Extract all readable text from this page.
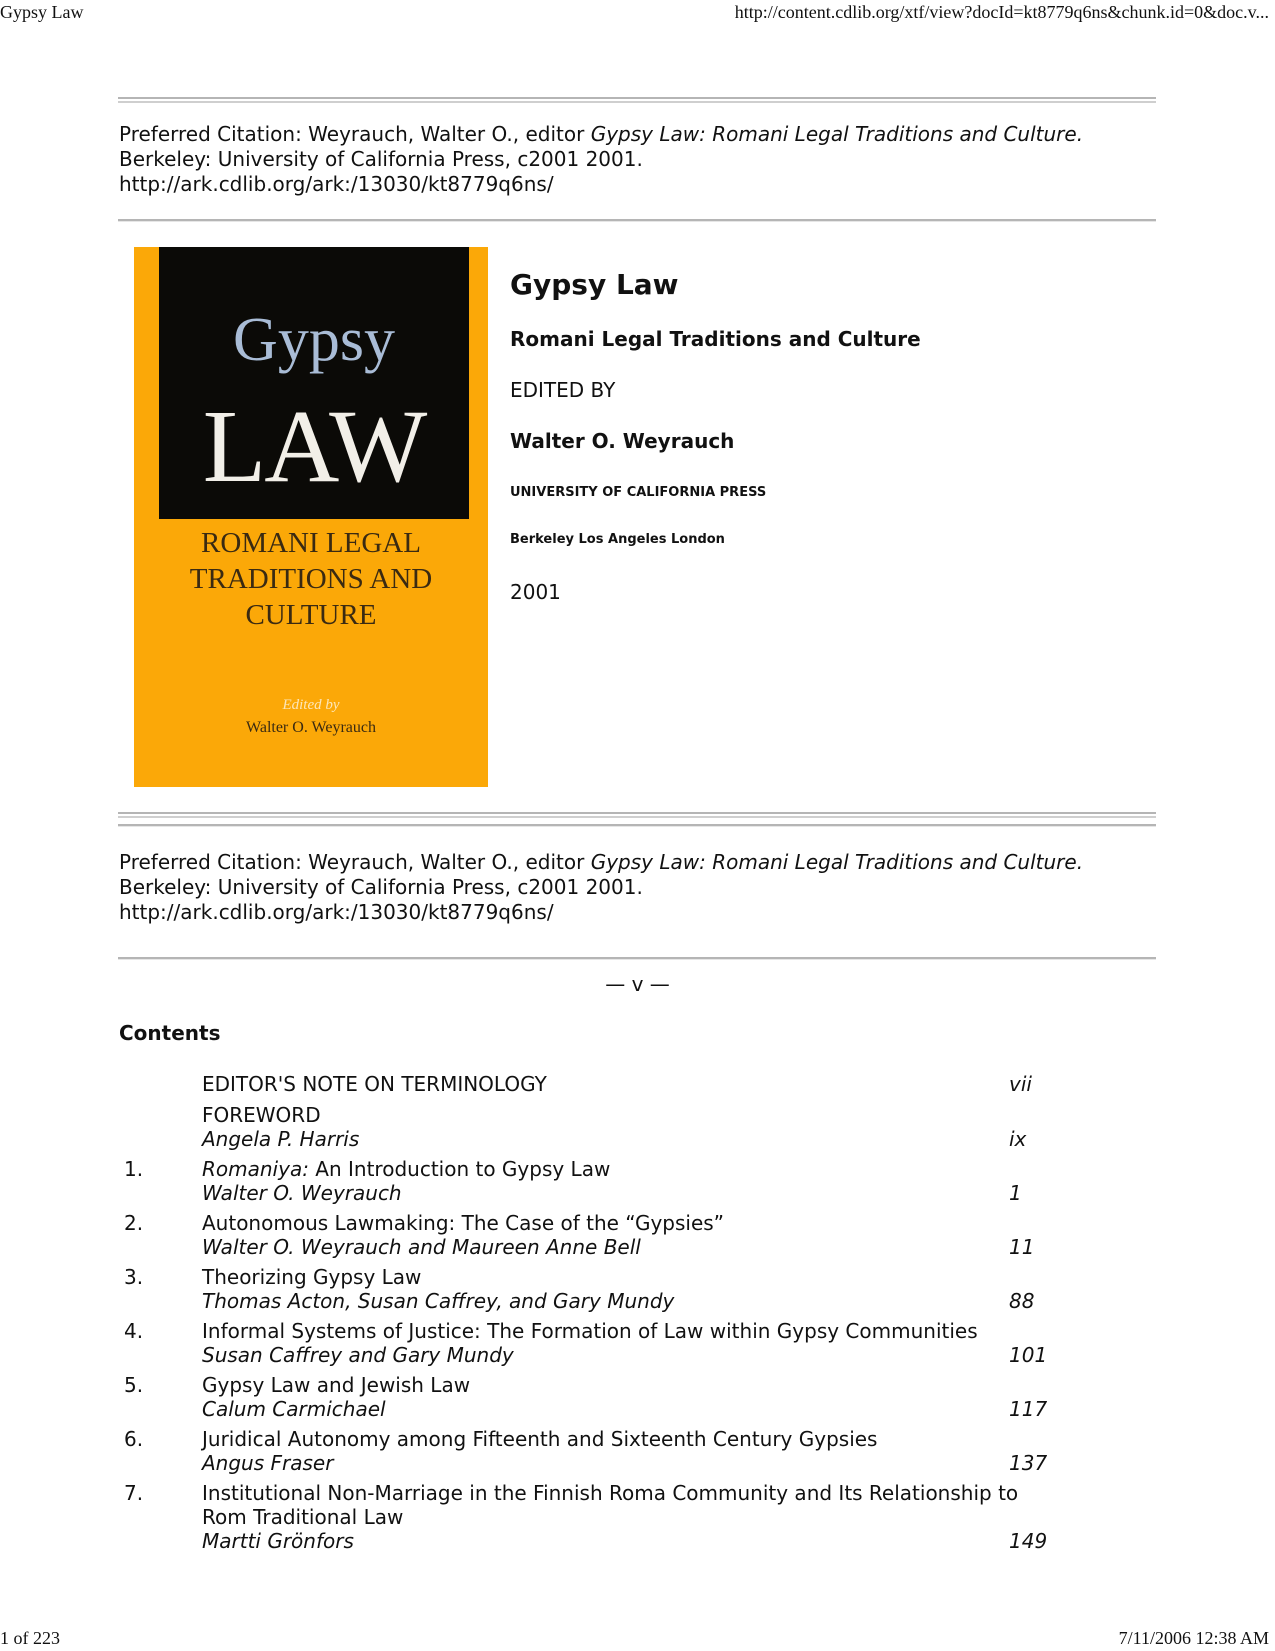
Gypsy Law	http://content.cdlib.org/xtf/view?docId=kt8779q6ns&chunk.id=0&doc.v...
Preferred Citation: Weyrauch, Walter O., editor Gypsy Law: Romani Legal Traditions and Culture. Berkeley: University of California Press, c2001 2001.
http://ark.cdlib.org/ark:/13030/kt8779q6ns/
Gypsy
LAW
ROMANI LEGAL
TRADITIONS AND
CULTURE
Edited by
Walter O. Weyrauch
Gypsy Law
Romani Legal Traditions and Culture
EDITED BY
Walter O. Weyrauch
UNIVERSITY OF CALIFORNIA PRESS
Berkeley Los Angeles London
2001
Preferred Citation: Weyrauch, Walter O., editor Gypsy Law: Romani Legal Traditions and Culture. Berkeley: University of California Press, c2001 2001.
http://ark.cdlib.org/ark:/13030/kt8779q6ns/
— v —
Contents
EDITOR'S NOTE ON TERMINOLOGY	vii
FOREWORD
Angela P. Harris	ix
1.	Romaniya: An Introduction to Gypsy Law
Walter O. Weyrauch	1
2.	Autonomous Lawmaking: The Case of the “Gypsies”
Walter O. Weyrauch and Maureen Anne Bell	11
3.	Theorizing Gypsy Law
Thomas Acton, Susan Caffrey, and Gary Mundy	88
4.	Informal Systems of Justice: The Formation of Law within Gypsy Communities
Susan Caffrey and Gary Mundy	101
5.	Gypsy Law and Jewish Law
Calum Carmichael	117
6.	Juridical Autonomy among Fifteenth and Sixteenth Century Gypsies
Angus Fraser	137
7.	Institutional Non-Marriage in the Finnish Roma Community and Its Relationship to Rom Traditional Law
Martti Grönfors	149
1 of 223	7/11/2006 12:38 AM
